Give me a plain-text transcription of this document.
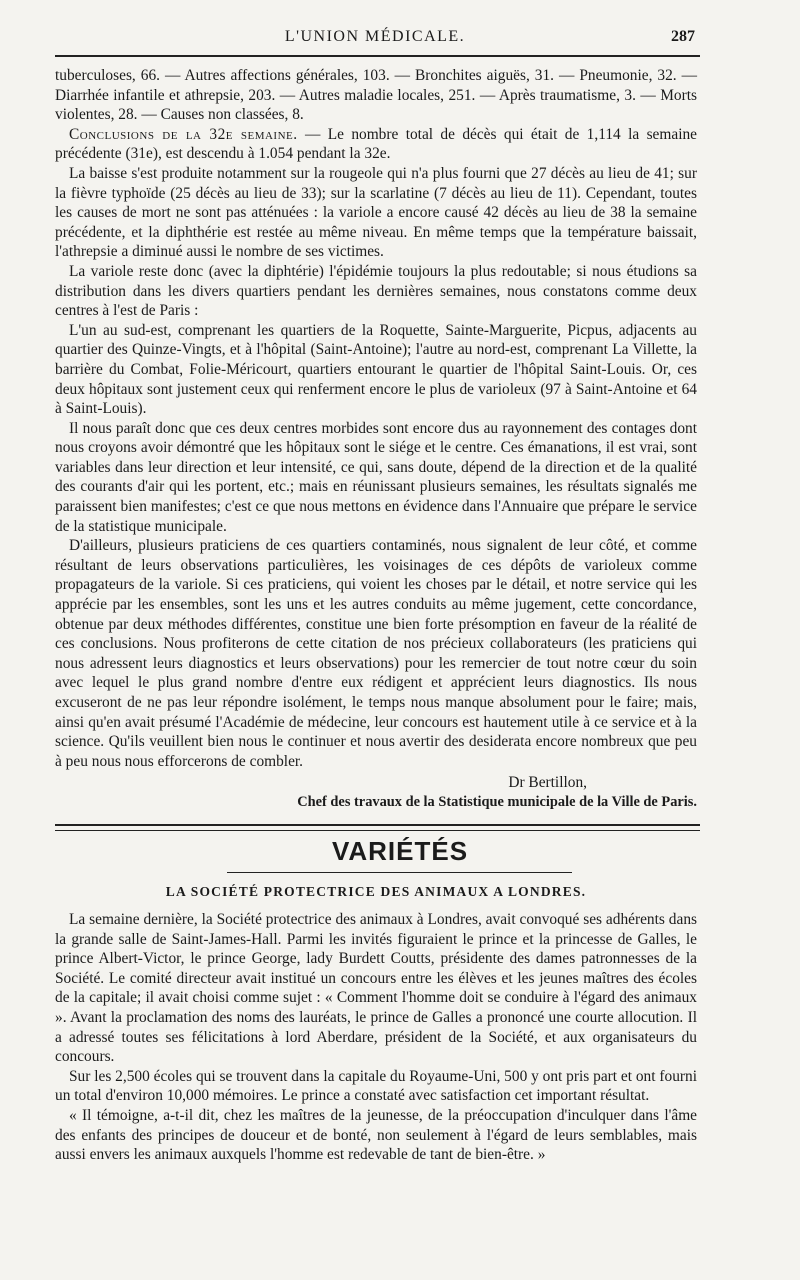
L'UNION MÉDICALE.	287

tuberculoses, 66. — Autres affections générales, 103. — Bronchites aiguës, 31. — Pneumonie, 32. — Diarrhée infantile et athrepsie, 203. — Autres maladie locales, 251. — Après traumatisme, 3. — Morts violentes, 28. — Causes non classées, 8.

Conclusions de la 32e semaine. — Le nombre total de décès qui était de 1,114 la semaine précédente (31e), est descendu à 1.054 pendant la 32e.

La baisse s'est produite notamment sur la rougeole qui n'a plus fourni que 27 décès au lieu de 41; sur la fièvre typhoïde (25 décès au lieu de 33); sur la scarlatine (7 décès au lieu de 11). Cependant, toutes les causes de mort ne sont pas atténuées : la variole a encore causé 42 décès au lieu de 38 la semaine précédente, et la diphthérie est restée au même niveau. En même temps que la température baissait, l'athrepsie a diminué aussi le nombre de ses victimes.

La variole reste donc (avec la diphtérie) l'épidémie toujours la plus redoutable; si nous étudions sa distribution dans les divers quartiers pendant les dernières semaines, nous constatons comme deux centres à l'est de Paris :

L'un au sud-est, comprenant les quartiers de la Roquette, Sainte-Marguerite, Picpus, adjacents au quartier des Quinze-Vingts, et à l'hôpital (Saint-Antoine); l'autre au nord-est, comprenant La Villette, la barrière du Combat, Folie-Méricourt, quartiers entourant le quartier de l'hôpital Saint-Louis. Or, ces deux hôpitaux sont justement ceux qui renferment encore le plus de varioleux (97 à Saint-Antoine et 64 à Saint-Louis).

Il nous paraît donc que ces deux centres morbides sont encore dus au rayonnement des contages dont nous croyons avoir démontré que les hôpitaux sont le siége et le centre. Ces émanations, il est vrai, sont variables dans leur direction et leur intensité, ce qui, sans doute, dépend de la direction et de la qualité des courants d'air qui les portent, etc.; mais en réunissant plusieurs semaines, les résultats signalés me paraissent bien manifestes; c'est ce que nous mettons en évidence dans l'Annuaire que prépare le service de la statistique municipale.

D'ailleurs, plusieurs praticiens de ces quartiers contaminés, nous signalent de leur côté, et comme résultant de leurs observations particulières, les voisinages de ces dépôts de varioleux comme propagateurs de la variole. Si ces praticiens, qui voient les choses par le détail, et notre service qui les apprécie par les ensembles, sont les uns et les autres conduits au même jugement, cette concordance, obtenue par deux méthodes différentes, constitue une bien forte présomption en faveur de la réalité de ces conclusions. Nous profiterons de cette citation de nos précieux collaborateurs (les praticiens qui nous adressent leurs diagnostics et leurs observations) pour les remercier de tout notre cœur du soin avec lequel le plus grand nombre d'entre eux rédigent et apprécient leurs diagnostics. Ils nous excuseront de ne pas leur répondre isolément, le temps nous manque absolument pour le faire; mais, ainsi qu'en avait présumé l'Académie de médecine, leur concours est hautement utile à ce service et à la science. Qu'ils veuillent bien nous le continuer et nous avertir des desiderata encore nombreux que peu à peu nous nous efforcerons de combler.

Dr Bertillon,
Chef des travaux de la Statistique municipale de la Ville de Paris.
VARIÉTÉS
LA SOCIÉTÉ PROTECTRICE DES ANIMAUX A LONDRES.

La semaine dernière, la Société protectrice des animaux à Londres, avait convoqué ses adhérents dans la grande salle de Saint-James-Hall. Parmi les invités figuraient le prince et la princesse de Galles, le prince Albert-Victor, le prince George, lady Burdett Coutts, présidente des dames patronnesses de la Société. Le comité directeur avait institué un concours entre les élèves et les jeunes maîtres des écoles de la capitale; il avait choisi comme sujet : « Comment l'homme doit se conduire à l'égard des animaux ». Avant la proclamation des noms des lauréats, le prince de Galles a prononcé une courte allocution. Il a adressé toutes ses félicitations à lord Aberdare, président de la Société, et aux organisateurs du concours.

Sur les 2,500 écoles qui se trouvent dans la capitale du Royaume-Uni, 500 y ont pris part et ont fourni un total d'environ 10,000 mémoires. Le prince a constaté avec satisfaction cet important résultat.

« Il témoigne, a-t-il dit, chez les maîtres de la jeunesse, de la préoccupation d'inculquer dans l'âme des enfants des principes de douceur et de bonté, non seulement à l'égard de leurs semblables, mais aussi envers les animaux auxquels l'homme est redevable de tant de bien-être. »
